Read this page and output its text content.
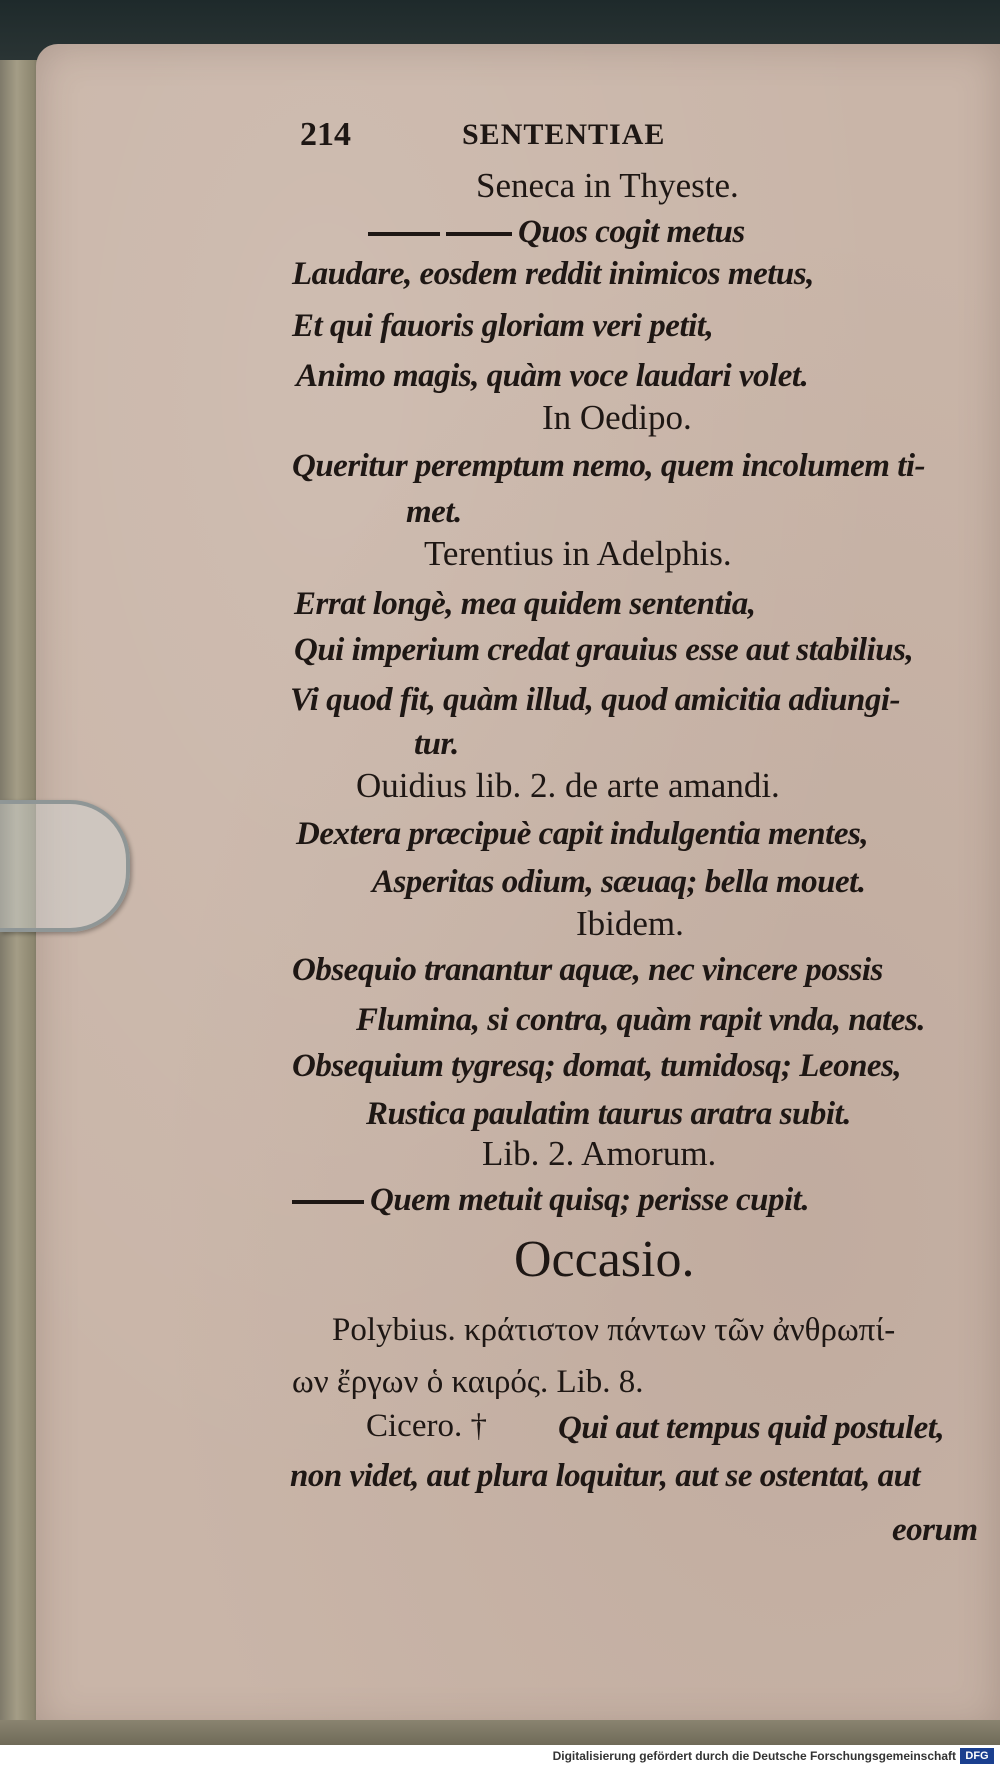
214	SENTENTIAE
Seneca in Thyeste.
Quos cogit metus
Laudare, eosdem reddit inimicos metus,
Et qui fauoris gloriam veri petit,
Animo magis, quàm voce laudari volet.
In Oedipo.
Queritur peremptum nemo, quem incolumem ti-
met.
Terentius in Adelphis.
Errat longè, mea quidem sententia,
Qui imperium credat grauius esse aut stabilius,
Vi quod fit, quàm illud, quod amicitia adiungi-
tur.
Ouidius lib. 2. de arte amandi.
Dextera præcipuè capit indulgentia mentes,
Asperitas odium, sæuaq; bella mouet.
Ibidem.
Obsequio tranantur aquæ, nec vincere possis
Flumina, si contra, quàm rapit vnda, nates.
Obsequium tygresq; domat, tumidosq; Leones,
Rustica paulatim taurus aratra subit.
Lib. 2. Amorum.
Quem metuit quisq; perisse cupit.
Occasio.
Polybius. κράτιστον πάντων τῶν ἀνθρωπί-
ων ἔργων ὁ καιρός. Lib. 8.
Cicero. † Qui aut tempus quid postulet,
non videt, aut plura loquitur, aut se ostentat, aut
eorum
Digitalisierung gefördert durch die Deutsche Forschungsgemeinschaft DFG
